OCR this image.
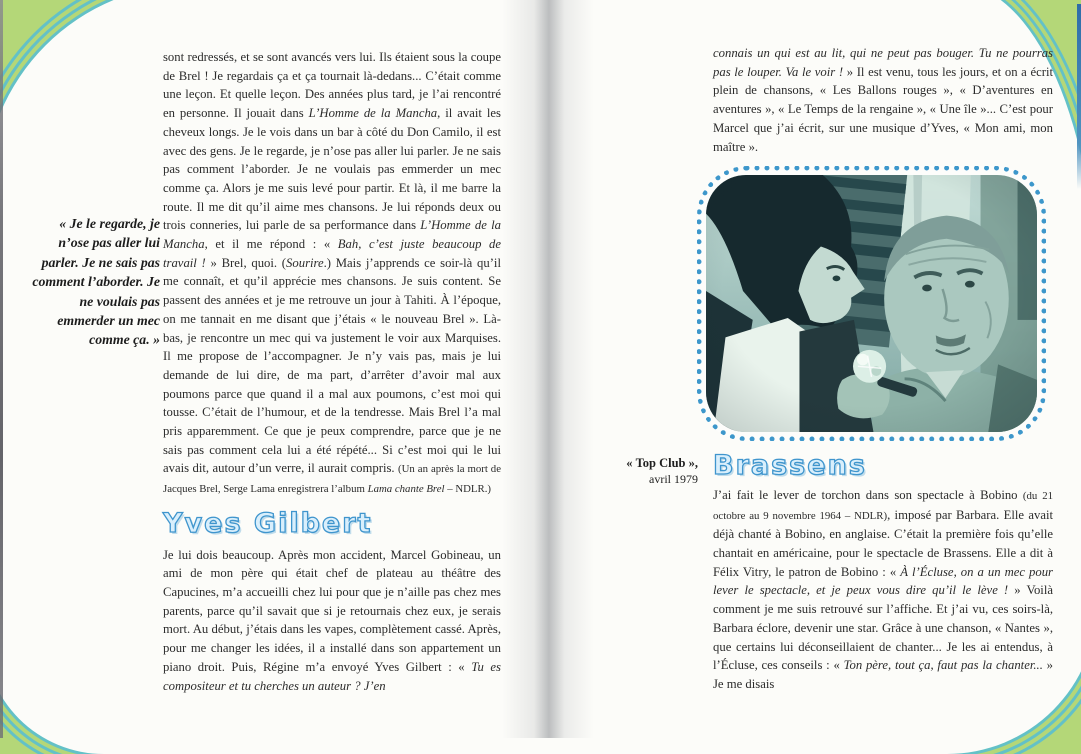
« Je le regarde, je n’ose pas aller lui parler. Je ne sais pas comment l’aborder. Je ne voulais pas emmerder un mec comme ça. »

sont redressés, et se sont avancés vers lui. Ils étaient sous la coupe de Brel ! Je regardais ça et ça tournait là-dedans... C’était comme une leçon. Et quelle leçon. Des années plus tard, je l’ai rencontré en personne. Il jouait dans L’Homme de la Mancha, il avait les cheveux longs. Je le vois dans un bar à côté du Don Camilo, il est avec des gens. Je le regarde, je n’ose pas aller lui parler. Je ne sais pas comment l’aborder. Je ne voulais pas emmerder un mec comme ça. Alors je me suis levé pour partir. Et là, il me barre la route. Il me dit qu’il aime mes chansons. Je lui réponds deux ou trois conneries, lui parle de sa performance dans L’Homme de la Mancha, et il me répond : « Bah, c’est juste beaucoup de travail ! » Brel, quoi. (Sourire.) Mais j’apprends ce soir-là qu’il me connaît, et qu’il apprécie mes chansons. Je suis content. Se passent des années et je me retrouve un jour à Tahiti. À l’époque, on me tannait en me disant que j’étais « le nouveau Brel ». Là-bas, je rencontre un mec qui va justement le voir aux Marquises. Il me propose de l’accompagner. Je n’y vais pas, mais je lui demande de lui dire, de ma part, d’arrêter d’avoir mal aux poumons parce que quand il a mal aux poumons, c’est moi qui tousse. C’était de l’humour, et de la tendresse. Mais Brel l’a mal pris apparemment. Ce que je peux comprendre, parce que je ne sais pas comment cela lui a été répété... Si c’est moi qui le lui avais dit, autour d’un verre, il aurait compris. (Un an après la mort de Jacques Brel, Serge Lama enregistrera l’album Lama chante Brel – NDLR.)

Yves Gilbert

Je lui dois beaucoup. Après mon accident, Marcel Gobineau, un ami de mon père qui était chef de plateau au théâtre des Capucines, m’a accueilli chez lui pour que je n’aille pas chez mes parents, parce qu’il savait que si je retournais chez eux, je serais mort. Au début, j’étais dans les vapes, complètement cassé. Après, pour me changer les idées, il a installé dans son appartement un piano droit. Puis, Régine m’a envoyé Yves Gilbert : « Tu es compositeur et tu cherches un auteur ? J’en

connais un qui est au lit, qui ne peut pas bouger. Tu ne pourras pas le louper. Va le voir ! » Il est venu, tous les jours, et on a écrit plein de chansons, « Les Ballons rouges », « D’aventures en aventures », « Le Temps de la rengaine », « Une île »... C’est pour Marcel que j’ai écrit, sur une musique d’Yves, « Mon ami, mon maître ».

Brassens

J’ai fait le lever de torchon dans son spectacle à Bobino (du 21 octobre au 9 novembre 1964 – NDLR), imposé par Barbara. Elle avait déjà chanté à Bobino, en anglaise. C’était la première fois qu’elle chantait en américaine, pour le spectacle de Brassens. Elle a dit à Félix Vitry, le patron de Bobino : « À l’Écluse, on a un mec pour lever le spectacle, et je peux vous dire qu’il le lève ! » Voilà comment je me suis retrouvé sur l’affiche. Et j’ai vu, ces soirs-là, Barbara éclore, devenir une star. Grâce à une chanson, « Nantes », que certains lui déconseillaient de chanter... Je les ai entendus, à l’Écluse, ces conseils : « Ton père, tout ça, faut pas la chanter... » Je me disais

« Top Club »,
avril 1979
